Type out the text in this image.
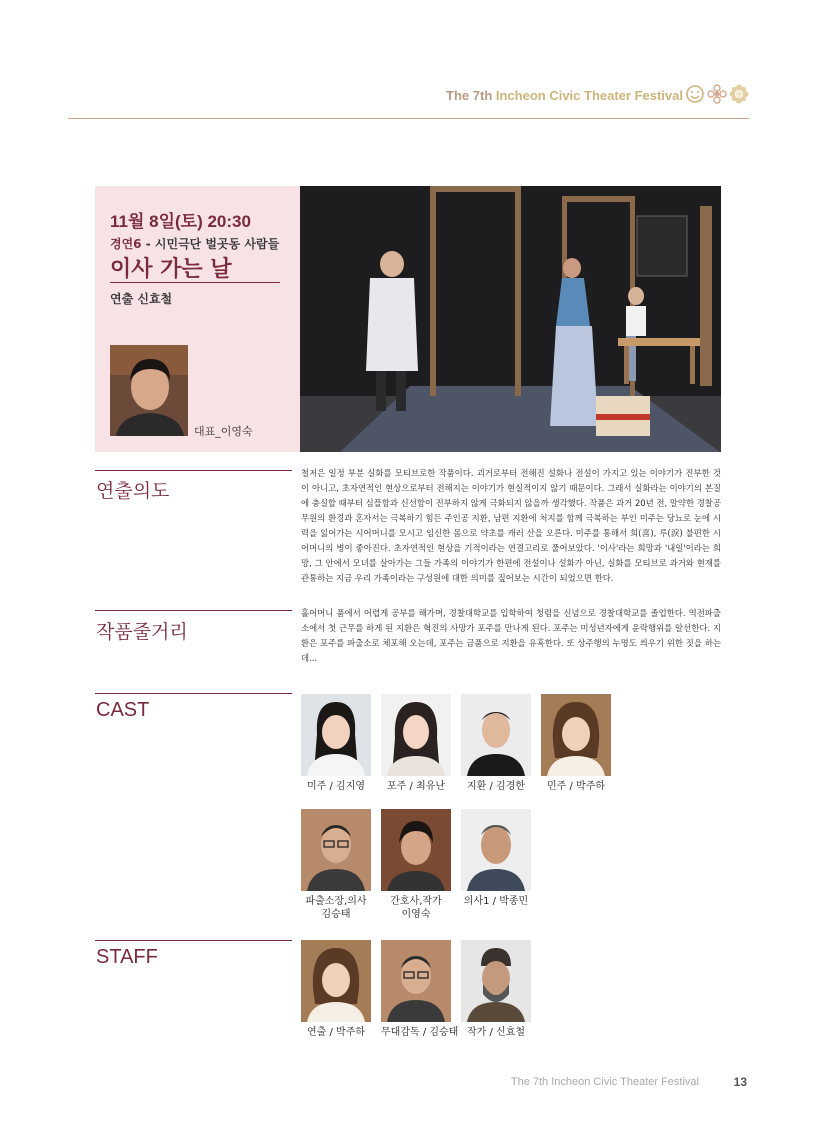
The 7th Incheon Civic Theater Festival
11월 8일(토) 20:30
경연6 - 시민극단 벌곳동 사람들
이사 가는 날
연출 신효철
대표_이영숙
연출의도
철저은 일정 부분 실화를 모티브로한 작품이다. 괴거로부터 전해진 설화나 전설이 가지고 있는 이야기가 진부한 것이 아니고, 초자연적인 현상으로부터 전해지는 이야기가 현실적이지 않기 때문이다. 그래서 실화라는 이야기의 본질에 충실할 때부터 심플함과 신선함이 진부하지 않게 극화되지 않을까 생각했다. 작품은 과거 20년 전, 말약한 경찰공무원의 환경과 혼자서는 극복하기 힘든 주인공 지환, 남편 지환에 처지를 함께 극복하는 부인 미주는 당뇨로 눈에 시력을 잃어가는 시어머니를 모시고 임신한 몸으로 약초를 캐러 산을 오른다. 미주를 통해서 희(喜), 루(淚) 불편한 시어머니의 병이 좋아진다. 초자연적인 현상을 기적이라는 연결고리로 풀어보았다. '이사'라는 희망과 '내일'이라는 희망, 그 안에서 모녀를 살아가는 그들 가족의 이야기가 한편에 전설이나 설화가 아닌, 실화를 모티브로 과거와 현재를 관통하는 지금 우리 가족이라는 구성원에 대한 의미를 짚어보는 시간이 되었으면 한다.
작품줄거리
홀어머니 품에서 어렵게 공부를 해가며, 경찰대학교를 입학하여 청렴을 신념으로 경찰대학교를 졸업한다. 역전파출소에서 첫 근무를 하게 된 지환은 혁진의 사망가 포주를 만나게 된다. 포주는 미성년자에게 윤락행위를 알선한다. 지환은 포주를 파출소로 체포해 오는데, 포주는 금품으로 지환을 유혹한다. 또 상주행의 누명도 씌우기 위한 짓을 하는데...
CAST
미주 / 김지영	포주 / 최유난	지환 / 김경한	민주 / 박주하
파출소장,의사
김승태
간호사,작가
이영숙
의사1 / 박종민
STAFF
연출 / 박주하	무대감독 / 김승태 작가 / 신효철
The 7th Incheon Civic Theater Festival	13
